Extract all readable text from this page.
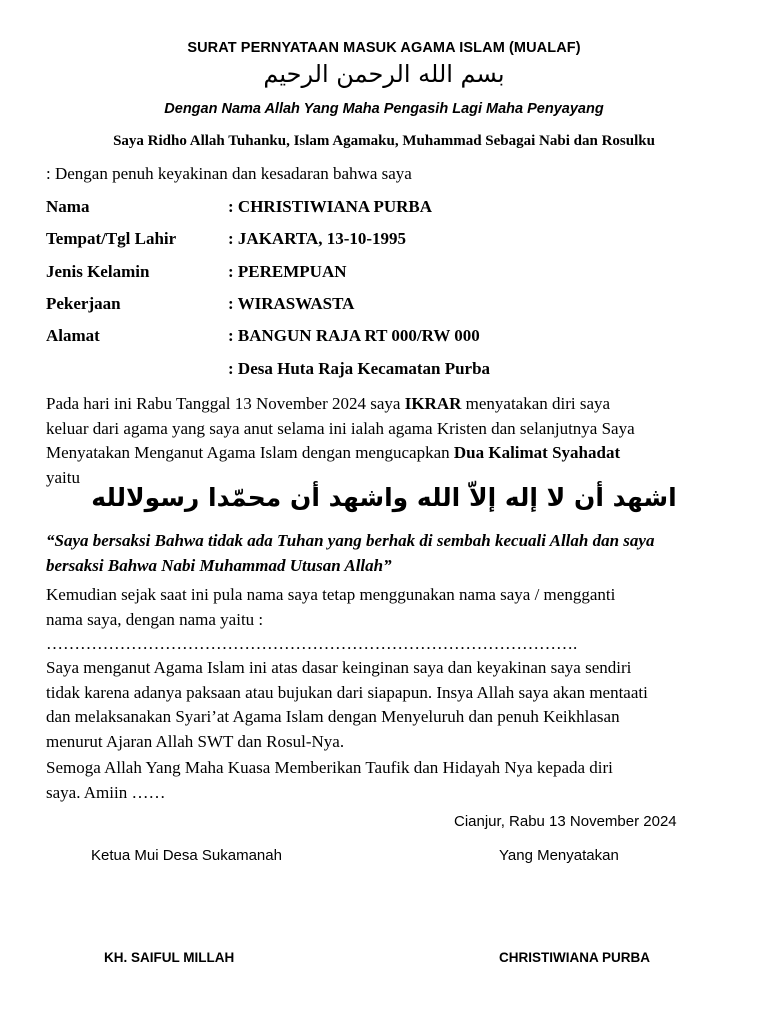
SURAT PERNYATAAN MASUK AGAMA ISLAM (MUALAF)
بسم الله الرحمن الرحيم
Dengan Nama Allah Yang Maha Pengasih Lagi Maha Penyayang
Saya Ridho Allah Tuhanku, Islam Agamaku, Muhammad Sebagai Nabi dan Rosulku
: Dengan penuh keyakinan dan kesadaran bahwa saya
Nama	: CHRISTIWIANA PURBA
Tempat/Tgl Lahir	: JAKARTA, 13-10-1995
Jenis Kelamin	: PEREMPUAN
Pekerjaan	: WIRASWASTA
Alamat	: BANGUN RAJA RT 000/RW 000
: Desa Huta Raja Kecamatan Purba
Pada hari ini Rabu Tanggal 13 November 2024 saya IKRAR menyatakan diri saya
keluar dari agama yang saya anut selama ini ialah agama Kristen dan selanjutnya Saya
Menyatakan Menganut Agama Islam dengan mengucapkan Dua Kalimat Syahadat
yaitu
اشهد أن لا إله إلاّ الله واشهد أن محمّدا رسولالله
“Saya bersaksi Bahwa tidak ada Tuhan yang berhak di sembah kecuali Allah dan saya
bersaksi Bahwa Nabi Muhammad Utusan Allah”
Kemudian sejak saat ini pula nama saya tetap menggunakan nama saya / mengganti
nama saya, dengan nama yaitu :
………………………………………………………………………………….
Saya menganut Agama Islam ini atas dasar keinginan saya dan keyakinan saya sendiri
tidak karena adanya paksaan atau bujukan dari siapapun. Insya Allah saya akan mentaati
dan melaksanakan Syari’at Agama Islam dengan Menyeluruh dan penuh Keikhlasan
menurut Ajaran Allah SWT dan Rosul-Nya.
Semoga Allah Yang Maha Kuasa Memberikan Taufik dan Hidayah Nya kepada diri
saya. Amiin ……
Cianjur, Rabu 13 November 2024
Ketua Mui Desa Sukamanah	Yang Menyatakan
KH. SAIFUL MILLAH	CHRISTIWIANA PURBA
